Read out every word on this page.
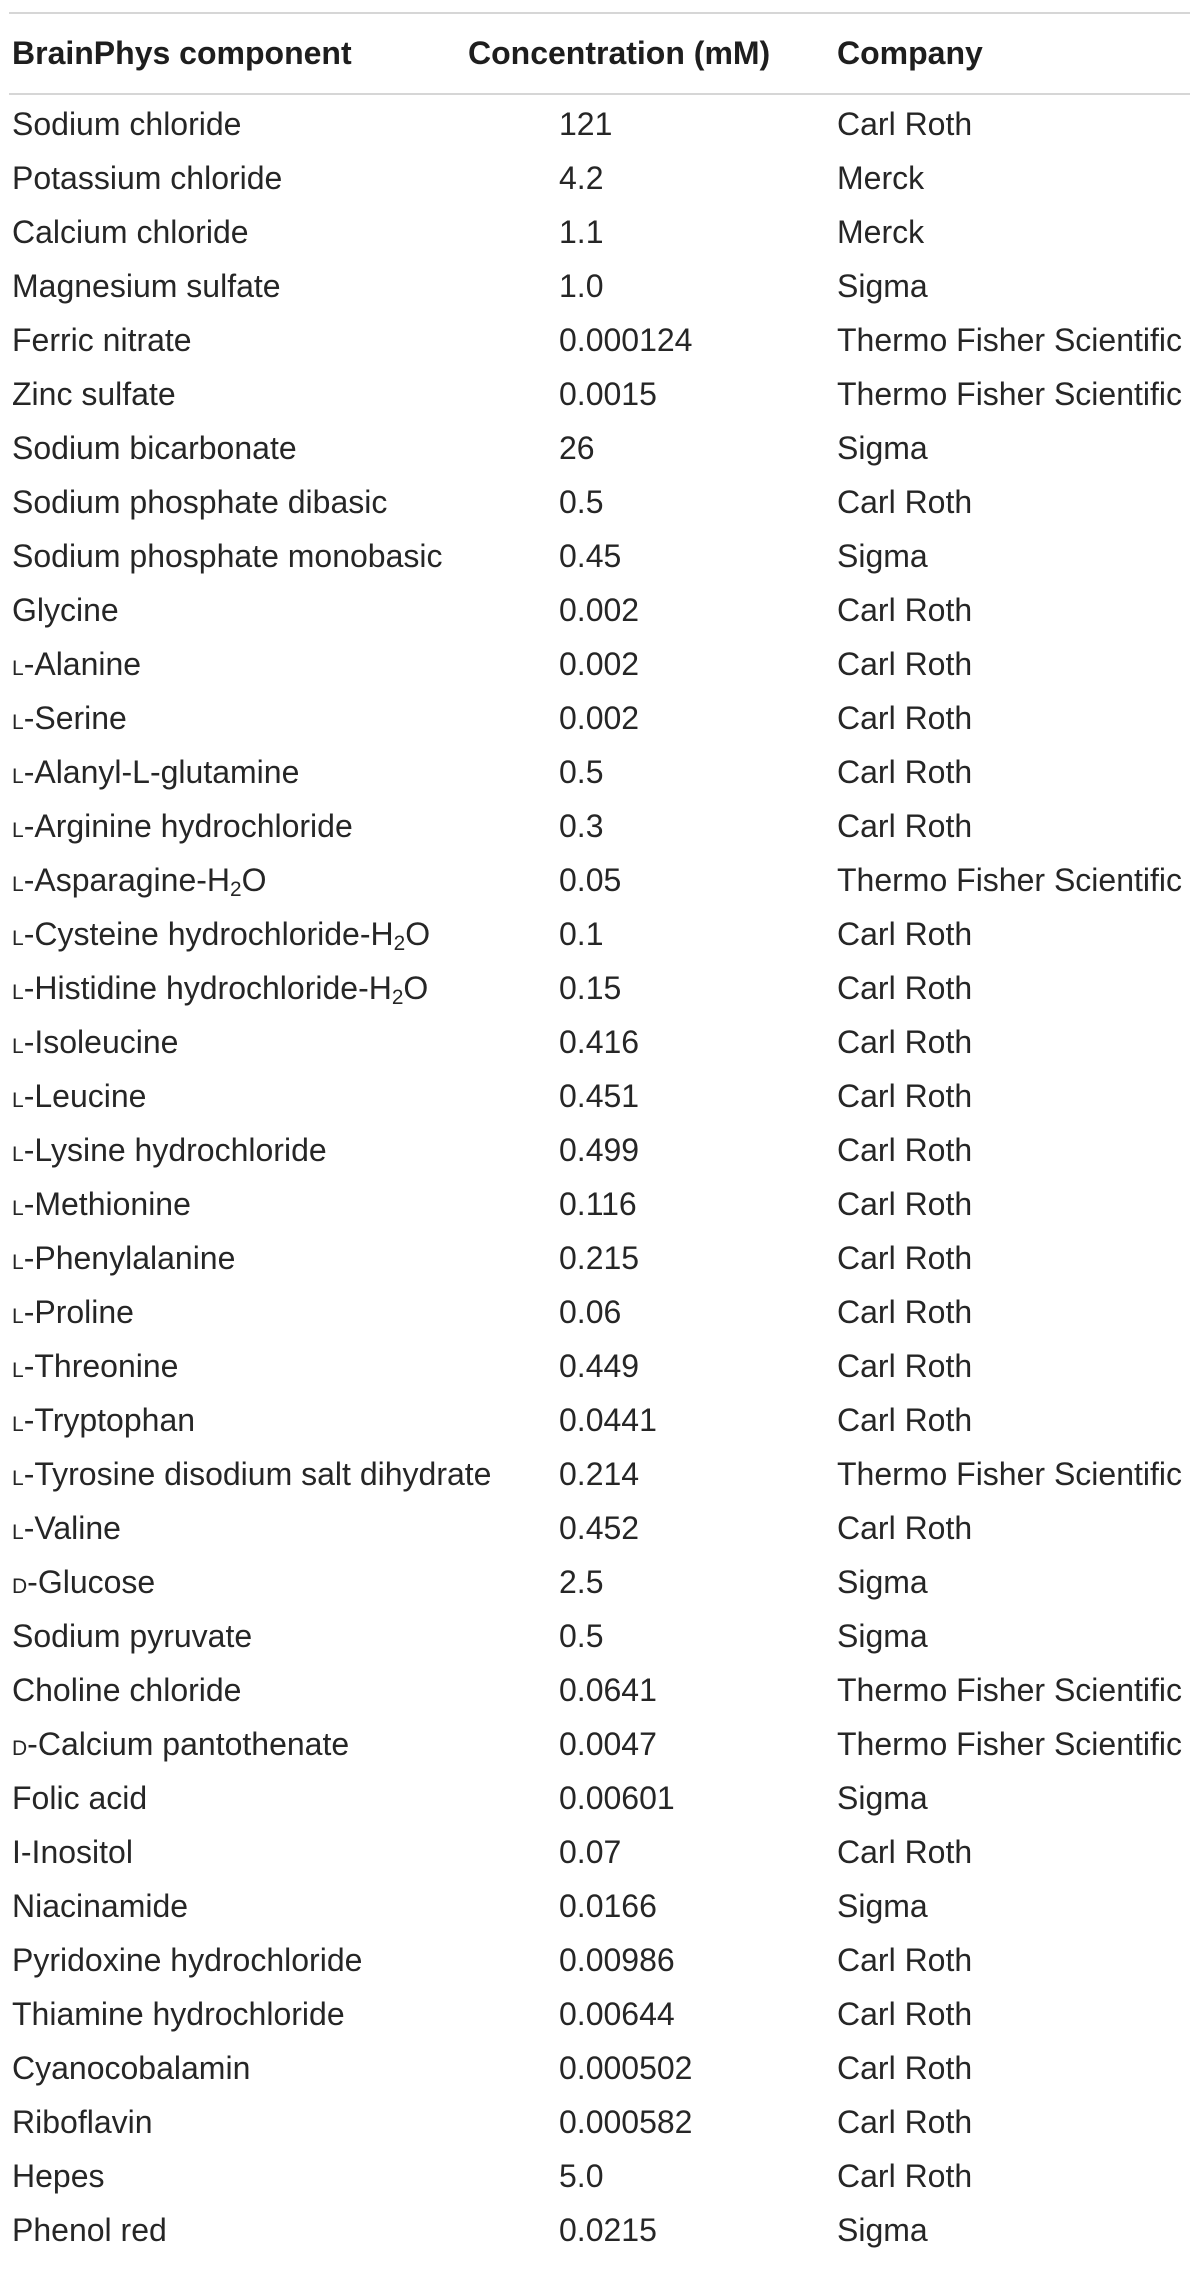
BrainPhys component	Concentration (mM)	Company
Sodium chloride	121	Carl Roth
Potassium chloride	4.2	Merck
Calcium chloride	1.1	Merck
Magnesium sulfate	1.0	Sigma
Ferric nitrate	0.000124	Thermo Fisher Scientific
Zinc sulfate	0.0015	Thermo Fisher Scientific
Sodium bicarbonate	26	Sigma
Sodium phosphate dibasic	0.5	Carl Roth
Sodium phosphate monobasic	0.45	Sigma
Glycine	0.002	Carl Roth
l-Alanine	0.002	Carl Roth
l-Serine	0.002	Carl Roth
l-Alanyl-L-glutamine	0.5	Carl Roth
l-Arginine hydrochloride	0.3	Carl Roth
$l-Asparagine-H_2O$	0.05	Thermo Fisher Scientific
l-Cysteine hydrochloride-$H_2O$	0.1	Carl Roth
l-Histidine hydrochloride-$H_2O$	0.15	Carl Roth
l-Isoleucine	0.416	Carl Roth
l-Leucine	0.451	Carl Roth
l-Lysine hydrochloride	0.499	Carl Roth
l-Methionine	0.116	Carl Roth
l-Phenylalanine	0.215	Carl Roth
l-Proline	0.06	Carl Roth
l-Threonine	0.449	Carl Roth
l-Tryptophan	0.0441	Carl Roth
l-Tyrosine disodium salt dihydrate	0.214	Thermo Fisher Scientific
l-Valine	0.452	Carl Roth
d-Glucose	2.5	Sigma
Sodium pyruvate	0.5	Sigma
Choline chloride	0.0641	Thermo Fisher Scientific
d-Calcium pantothenate	0.0047	Thermo Fisher Scientific
Folic acid	0.00601	Sigma
I-Inositol	0.07	Carl Roth
Niacinamide	0.0166	Sigma
Pyridoxine hydrochloride	0.00986	Carl Roth
Thiamine hydrochloride	0.00644	Carl Roth
Cyanocobalamin	0.000502	Carl Roth
Riboflavin	0.000582	Carl Roth
Hepes	5.0	Carl Roth
Phenol red	0.0215	Sigma
